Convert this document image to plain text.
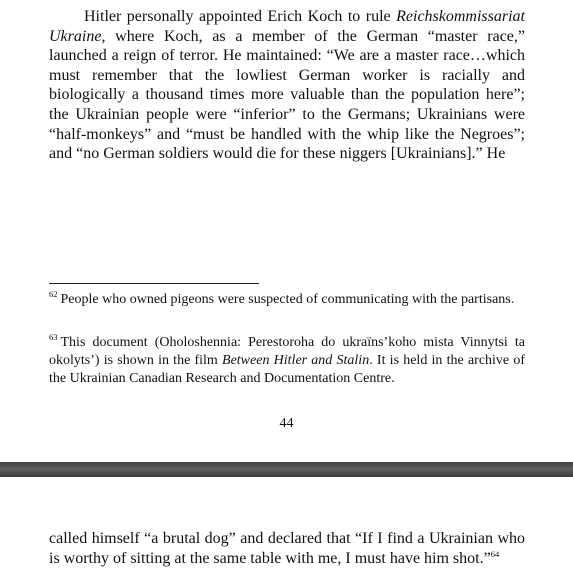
Hitler personally appointed Erich Koch to rule Reichskommissariat Ukraine, where Koch, as a member of the German “master race,” launched a reign of terror. He maintained: “We are a master race…which must remember that the lowliest German worker is racially and biologically a thousand times more valuable than the population here”; the Ukrainian people were “inferior” to the Germans; Ukrainians were “half-monkeys” and “must be handled with the whip like the Negroes”; and “no German soldiers would die for these niggers [Ukrainians].” He

$^{62}$ People who owned pigeons were suspected of communicating with the partisans.

$^{63}$ This document (Oholoshennia: Perestoroha do ukraïns’koho mista Vinnytsi ta okolyts’) is shown in the film Between Hitler and Stalin. It is held in the archive of the Ukrainian Canadian Research and Documentation Centre.

44

called himself “a brutal dog” and declared that “If I find a Ukrainian who is worthy of sitting at the same table with me, I must have him shot.”$^{64}$
